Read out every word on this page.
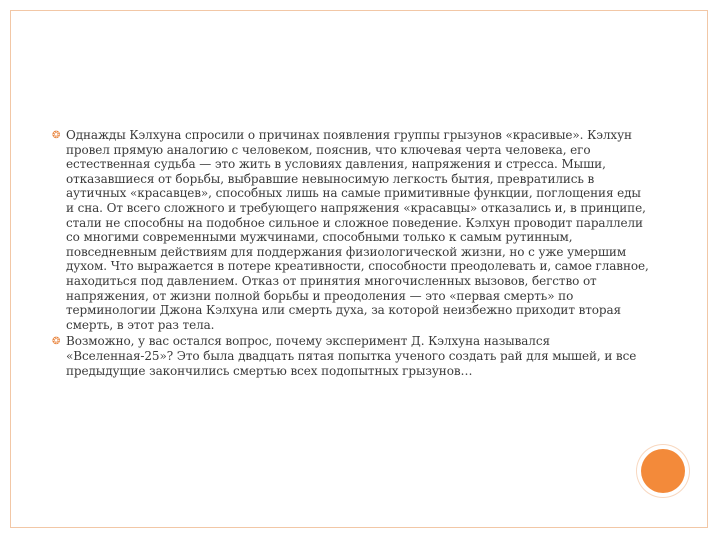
❂ Однажды Кэлхуна спросили о причинах появления группы грызунов «красивые». Кэлхун провел прямую аналогию с человеком, пояснив, что ключевая черта человека, его естественная судьба — это жить в условиях давления, напряжения и стресса. Мыши, отказавшиеся от борьбы, выбравшие невыносимую легкость бытия, превратились в аутичных «красавцев», способных лишь на самые примитивные функции, поглощения еды и сна. От всего сложного и требующего напряжения «красавцы» отказались и, в принципе, стали не способны на подобное сильное и сложное поведение. Кэлхун проводит параллели со многими современными мужчинами, способными только к самым рутинным, повседневным действиям для поддержания физиологической жизни, но с уже умершим духом. Что выражается в потере креативности, способности преодолевать и, самое главное, находиться под давлением. Отказ от принятия многочисленных вызовов, бегство от напряжения, от жизни полной борьбы и преодоления — это «первая смерть» по терминологии Джона Кэлхуна или смерть духа, за которой неизбежно приходит вторая смерть, в этот раз тела.

❂ Возможно, у вас остался вопрос, почему эксперимент Д. Кэлхуна назывался «Вселенная-25»? Это была двадцать пятая попытка ученого создать рай для мышей, и все предыдущие закончились смертью всех подопытных грызунов…
